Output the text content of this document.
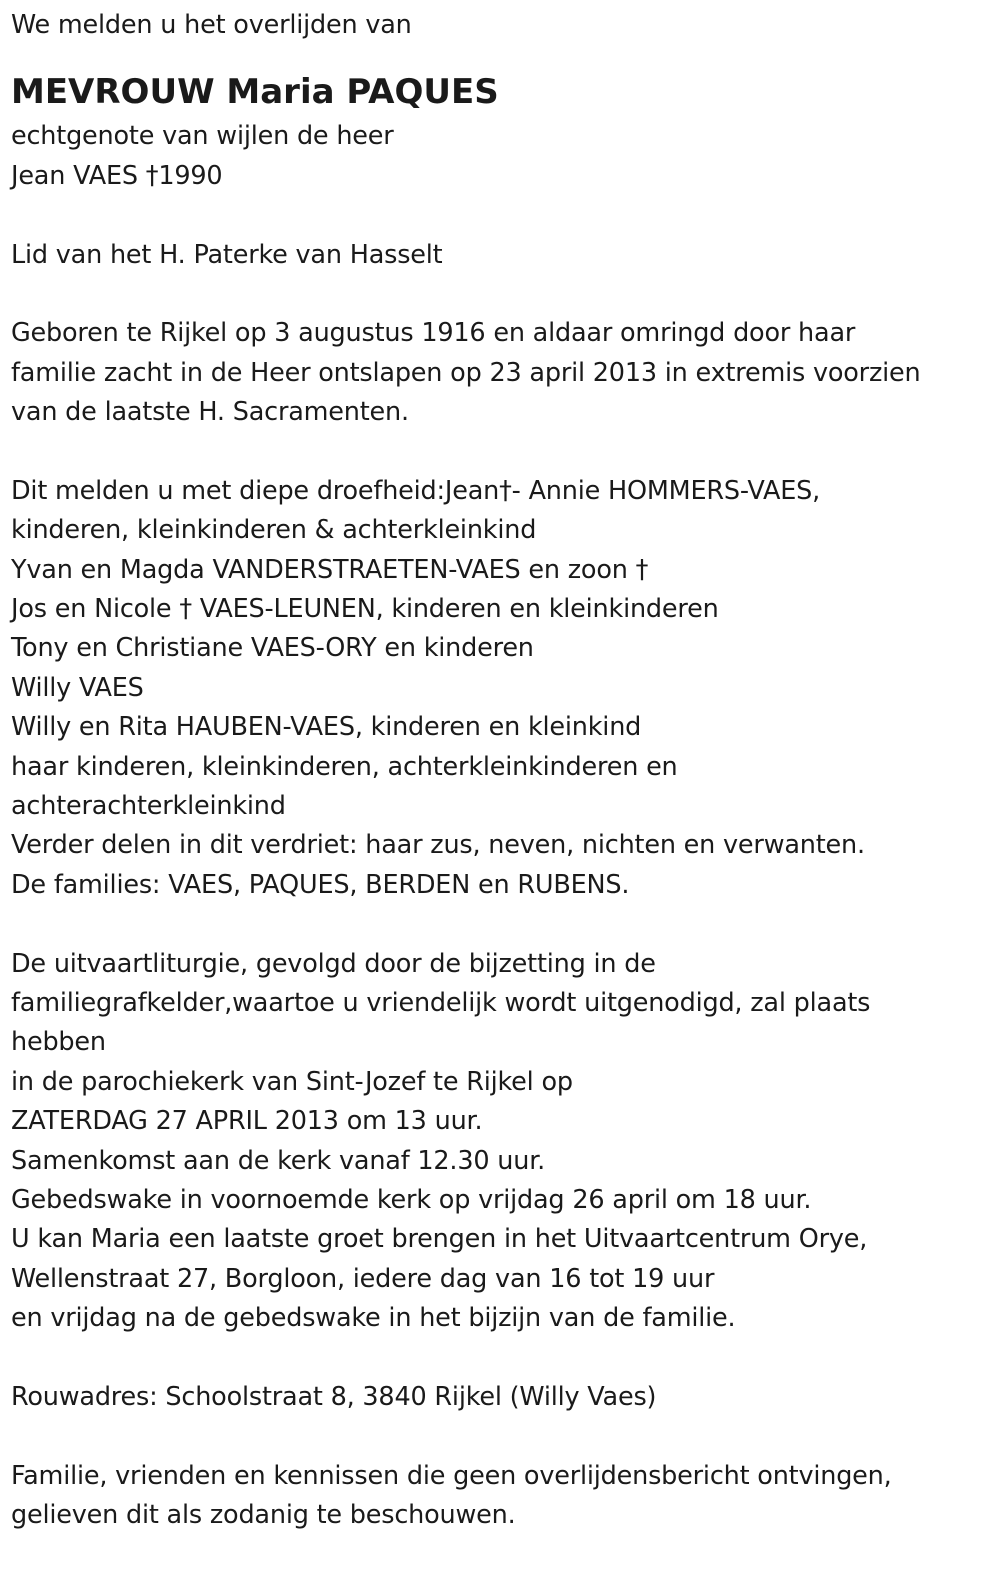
We melden u het overlijden van
MEVROUW Maria PAQUES
echtgenote van wijlen de heer
Jean VAES †1990
Lid van het H. Paterke van Hasselt
Geboren te Rijkel op 3 augustus 1916 en aldaar omringd door haar
familie zacht in de Heer ontslapen op 23 april 2013 in extremis voorzien
van de laatste H. Sacramenten.
Dit melden u met diepe droefheid:Jean†- Annie HOMMERS-VAES,
kinderen, kleinkinderen & achterkleinkind
Yvan en Magda VANDERSTRAETEN-VAES en zoon †
Jos en Nicole † VAES-LEUNEN, kinderen en kleinkinderen
Tony en Christiane VAES-ORY en kinderen
Willy VAES
Willy en Rita HAUBEN-VAES, kinderen en kleinkind
haar kinderen, kleinkinderen, achterkleinkinderen en
achterachterkleinkind
Verder delen in dit verdriet: haar zus, neven, nichten en verwanten.
De families: VAES, PAQUES, BERDEN en RUBENS.
De uitvaartliturgie, gevolgd door de bijzetting in de
familiegrafkelder,waartoe u vriendelijk wordt uitgenodigd, zal plaats
hebben
in de parochiekerk van Sint-Jozef te Rijkel op
ZATERDAG 27 APRIL 2013 om 13 uur.
Samenkomst aan de kerk vanaf 12.30 uur.
Gebedswake in voornoemde kerk op vrijdag 26 april om 18 uur.
U kan Maria een laatste groet brengen in het Uitvaartcentrum Orye,
Wellenstraat 27, Borgloon, iedere dag van 16 tot 19 uur
en vrijdag na de gebedswake in het bijzijn van de familie.
Rouwadres: Schoolstraat 8, 3840 Rijkel (Willy Vaes)
Familie, vrienden en kennissen die geen overlijdensbericht ontvingen,
gelieven dit als zodanig te beschouwen.
